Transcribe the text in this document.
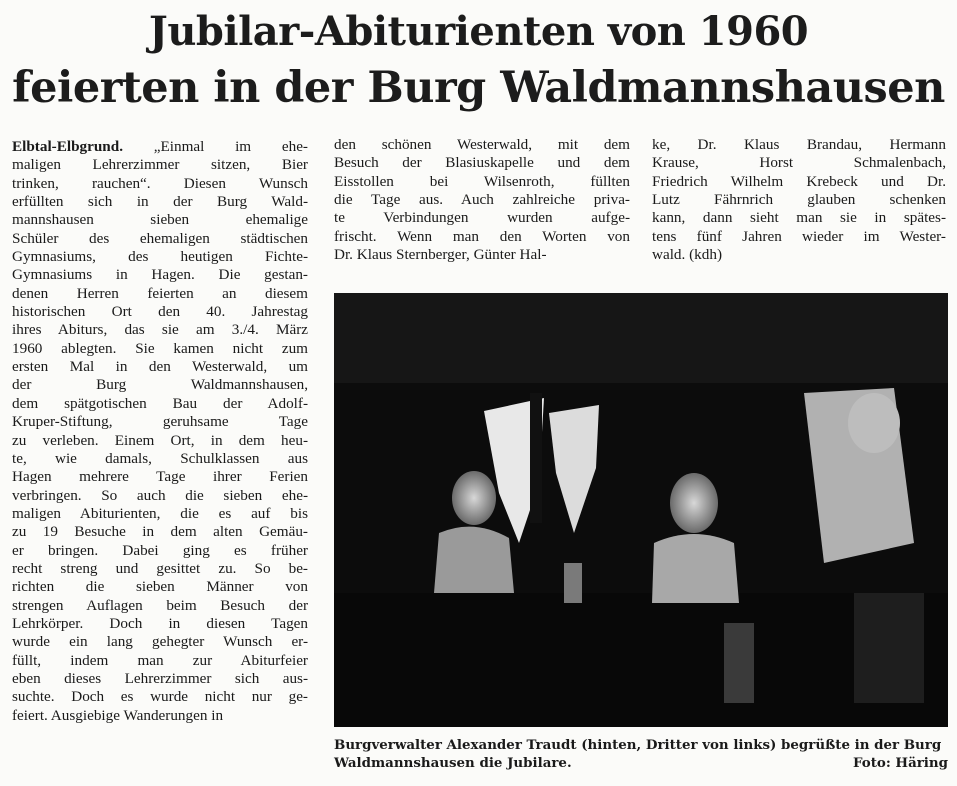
Jubilar-Abiturienten von 1960
feierten in der Burg Waldmannshausen
Elbtal-Elbgrund. „Einmal im ehe-
maligen Lehrerzimmer sitzen, Bier
trinken, rauchen“. Diesen Wunsch
erfüllten sich in der Burg Wald-
mannshausen sieben ehemalige
Schüler des ehemaligen städtischen
Gymnasiums, des heutigen Fichte-
Gymnasiums in Hagen. Die gestan-
denen Herren feierten an diesem
historischen Ort den 40. Jahrestag
ihres Abiturs, das sie am 3./4. März
1960 ablegten. Sie kamen nicht zum
ersten Mal in den Westerwald, um
der Burg Waldmannshausen,
dem spätgotischen Bau der Adolf-
Kruper-Stiftung, geruhsame Tage
zu verleben. Einem Ort, in dem heu-
te, wie damals, Schulklassen aus
Hagen mehrere Tage ihrer Ferien
verbringen. So auch die sieben ehe-
maligen Abiturienten, die es auf bis
zu 19 Besuche in dem alten Gemäu-
er bringen. Dabei ging es früher
recht streng und gesittet zu. So be-
richten die sieben Männer von
strengen Auflagen beim Besuch der
Lehrkörper. Doch in diesen Tagen
wurde ein lang gehegter Wunsch er-
füllt, indem man zur Abiturfeier
eben dieses Lehrerzimmer sich aus-
suchte. Doch es wurde nicht nur ge-
feiert. Ausgiebige Wanderungen in
den schönen Westerwald, mit dem
Besuch der Blasiuskapelle und dem
Eisstollen bei Wilsenroth, füllten
die Tage aus. Auch zahlreiche priva-
te Verbindungen wurden aufge-
frischt. Wenn man den Worten von
Dr. Klaus Sternberger, Günter Hal-
ke, Dr. Klaus Brandau, Hermann
Krause, Horst Schmalenbach,
Friedrich Wilhelm Krebeck und Dr.
Lutz Fährnrich glauben schenken
kann, dann sieht man sie in spätes-
tens fünf Jahren wieder im Wester-
wald. (kdh)
Burgverwalter Alexander Traudt (hinten, Dritter von links) begrüßte in der Burg Waldmannshausen die Jubilare.	Foto: Häring
